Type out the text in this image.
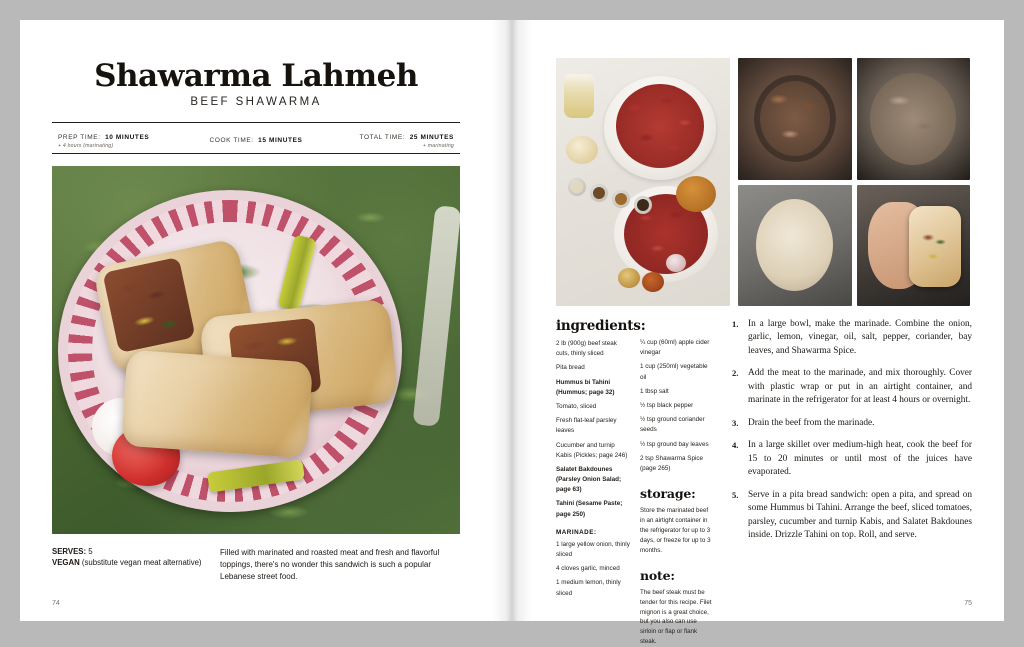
Shawarma Lahmeh
BEEF SHAWARMA
PREP TIME: 10 MINUTES
+ 4 hours (marinating)
COOK TIME: 15 MINUTES	TOTAL TIME: 25 MINUTES
+ marinating
SERVES: 5
VEGAN (substitute vegan meat alternative)
Filled with marinated and roasted meat and fresh and flavorful toppings, there's no wonder this sandwich is such a popular Lebanese street food.
74
ingredients:
2 lb (900g) beef steak cuts, thinly sliced
Pita bread
Hummus bi Tahini (Hummus; page 32)
Tomato, sliced
Fresh flat-leaf parsley leaves
Cucumber and turnip Kabis (Pickles; page 246)
Salatet Bakdounes (Parsley Onion Salad; page 63)
Tahini (Sesame Paste; page 250)
MARINADE:
1 large yellow onion, thinly sliced
4 cloves garlic, minced
1 medium lemon, thinly sliced
¼ cup (60ml) apple cider vinegar
1 cup (250ml) vegetable oil
1 tbsp salt
½ tsp black pepper
½ tsp ground coriander seeds
½ tsp ground bay leaves
2 tsp Shawarma Spice (page 265)
storage:
Store the marinated beef in an airtight container in the refrigerator for up to 3 days, or freeze for up to 3 months.
note:
The beef steak must be tender for this recipe. Filet mignon is a great choice, but you also can use sirloin or flap or flank steak.
In a large bowl, make the marinade. Combine the onion, garlic, lemon, vinegar, oil, salt, pepper, coriander, bay leaves, and Shawarma Spice.
Add the meat to the marinade, and mix thoroughly. Cover with plastic wrap or put in an airtight container, and marinate in the refrigerator for at least 4 hours or overnight.
Drain the beef from the marinade.
In a large skillet over medium-high heat, cook the beef for 15 to 20 minutes or until most of the juices have evaporated.
Serve in a pita bread sandwich: open a pita, and spread on some Hummus bi Tahini. Arrange the beef, sliced tomatoes, parsley, cucumber and turnip Kabis, and Salatet Bakdounes inside. Drizzle Tahini on top. Roll, and serve.
75
